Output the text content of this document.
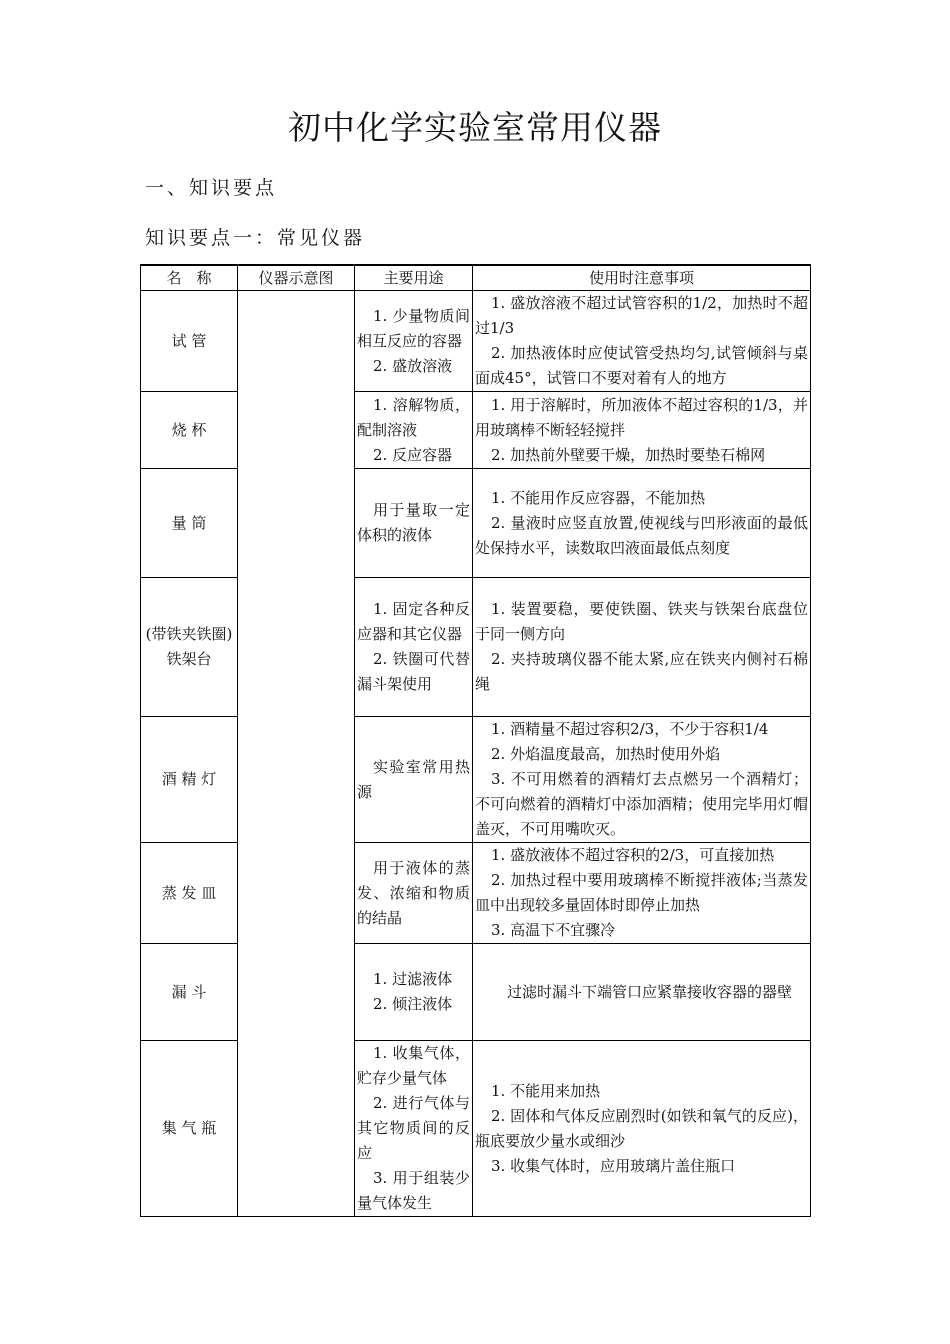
初中化学实验室常用仪器
一、知识要点
知识要点一：常见仪器
名　称	仪器示意图	主要用途	使用时注意事项

试 管		1. 少量物质间相互反应的容器
2. 盛放溶液	1. 盛放溶液不超过试管容积的1/2，加热时不超过1/3
2. 加热液体时应使试管受热均匀,试管倾斜与桌面成45°，试管口不要对着有人的地方

烧 杯		1. 溶解物质，配制溶液
2. 反应容器	1. 用于溶解时，所加液体不超过容积的1/3，并用玻璃棒不断轻轻搅拌
2. 加热前外壁要干燥，加热时要垫石棉网

量 筒		用于量取一定体积的液体	1. 不能用作反应容器，不能加热
2. 量液时应竖直放置,使视线与凹形液面的最低处保持水平，读数取凹液面最低点刻度

(带铁夹铁圈)
铁架台		1. 固定各种反应器和其它仪器
2. 铁圈可代替漏斗架使用	1. 装置要稳，要使铁圈、铁夹与铁架台底盘位于同一侧方向
2. 夹持玻璃仪器不能太紧,应在铁夹内侧衬石棉绳

酒 精 灯		实验室常用热源	1. 酒精量不超过容积2/3，不少于容积1/4
2. 外焰温度最高，加热时使用外焰
3. 不可用燃着的酒精灯去点燃另一个酒精灯；不可向燃着的酒精灯中添加酒精；使用完毕用灯帽盖灭，不可用嘴吹灭。

蒸 发 皿		用于液体的蒸发、浓缩和物质的结晶	1. 盛放液体不超过容积的2/3，可直接加热
2. 加热过程中要用玻璃棒不断搅拌液体;当蒸发皿中出现较多量固体时即停止加热
3. 高温下不宜骤冷

漏 斗		1. 过滤液体
2. 倾注液体	过滤时漏斗下端管口应紧靠接收容器的器壁

集 气 瓶		1. 收集气体，贮存少量气体
2. 进行气体与其它物质间的反应
3. 用于组装少量气体发生	1. 不能用来加热
2. 固体和气体反应剧烈时(如铁和氧气的反应)，瓶底要放少量水或细沙
3. 收集气体时，应用玻璃片盖住瓶口
